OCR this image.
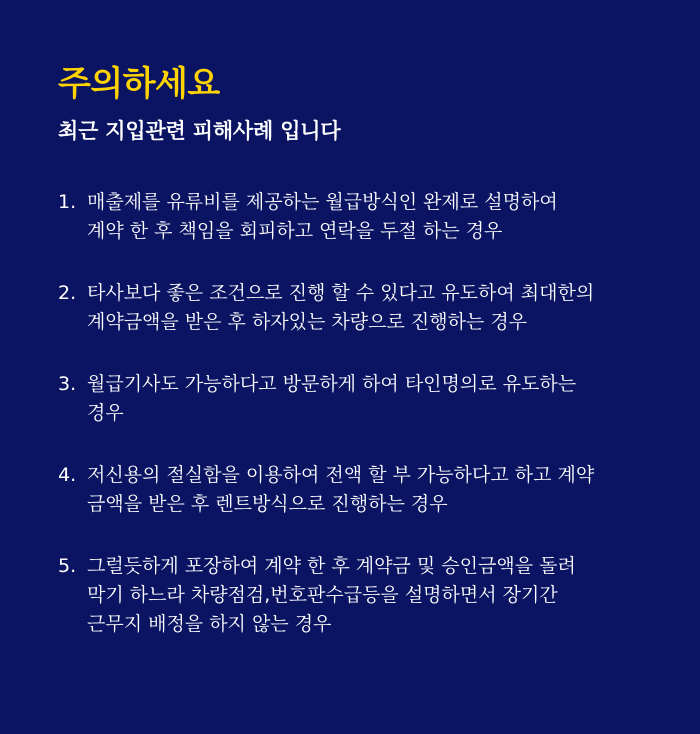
주의하세요
최근 지입관련 피해사례 입니다
1. 매출제를 유류비를 제공하는 월급방식인 완제로 설명하여
계약 한 후 책임을 회피하고 연락을 두절 하는 경우
2. 타사보다 좋은 조건으로 진행 할 수 있다고 유도하여 최대한의
계약금액을 받은 후 하자있는 차량으로 진행하는 경우
3. 월급기사도 가능하다고 방문하게 하여 타인명의로 유도하는
경우
4. 저신용의 절실함을 이용하여 전액 할 부 가능하다고 하고 계약
금액을 받은 후 렌트방식으로 진행하는 경우
5. 그럴듯하게 포장하여 계약 한 후 계약금 및 승인금액을 돌려
막기 하느라 차량점검,번호판수급등을 설명하면서 장기간
근무지 배정을 하지 않는 경우
